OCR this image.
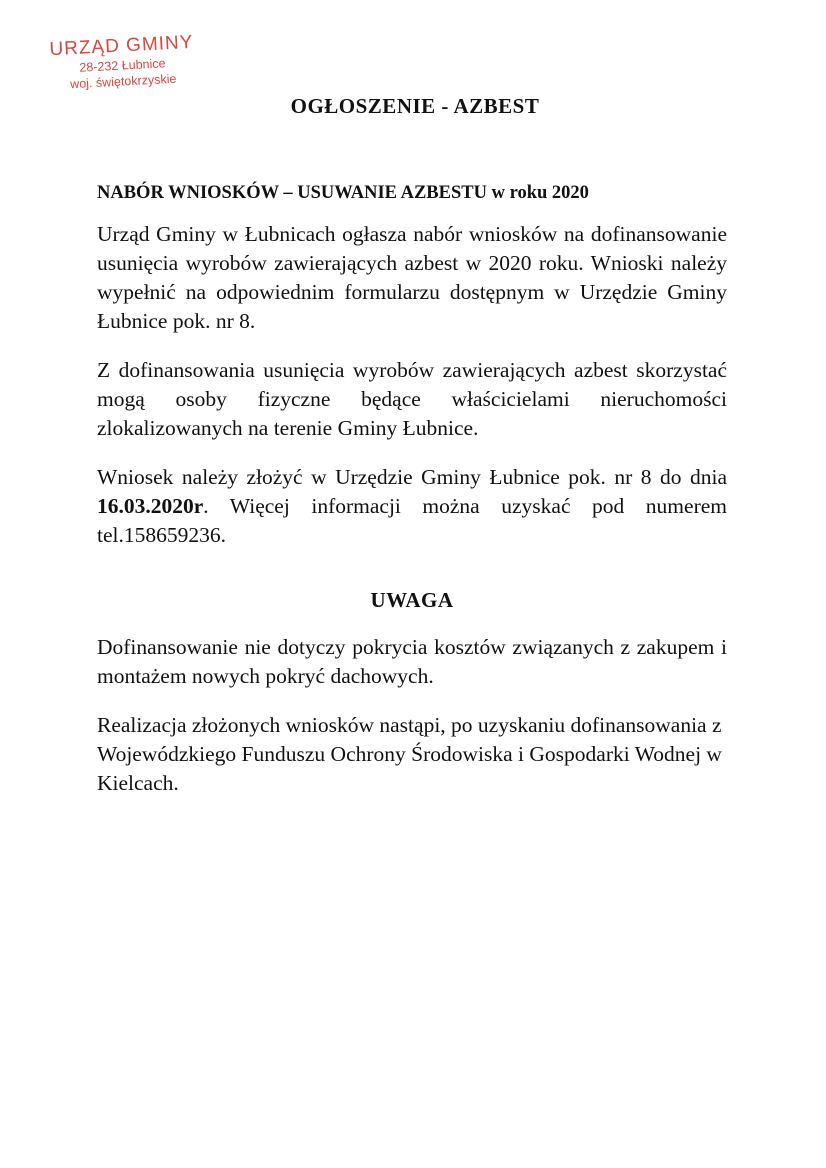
URZĄD GMINY
28-232 Łubnice
woj. świętokrzyskie
OGŁOSZENIE - AZBEST
NABÓR WNIOSKÓW – USUWANIE AZBESTU w roku 2020

Urząd Gminy w Łubnicach ogłasza nabór wniosków na dofinansowanie usunięcia wyrobów zawierających azbest w 2020 roku. Wnioski należy wypełnić na odpowiednim formularzu dostępnym w Urzędzie Gminy Łubnice pok. nr 8.

Z dofinansowania usunięcia wyrobów zawierających azbest skorzystać mogą osoby fizyczne będące właścicielami nieruchomości zlokalizowanych na terenie Gminy Łubnice.

Wniosek należy złożyć w Urzędzie Gminy Łubnice pok. nr 8 do dnia 16.03.2020r. Więcej informacji można uzyskać pod numerem tel.158659236.

UWAGA

Dofinansowanie nie dotyczy pokrycia kosztów związanych z zakupem i montażem nowych pokryć dachowych.

Realizacja złożonych wniosków nastąpi, po uzyskaniu dofinansowania z Wojewódzkiego Funduszu Ochrony Środowiska i Gospodarki Wodnej w Kielcach.
